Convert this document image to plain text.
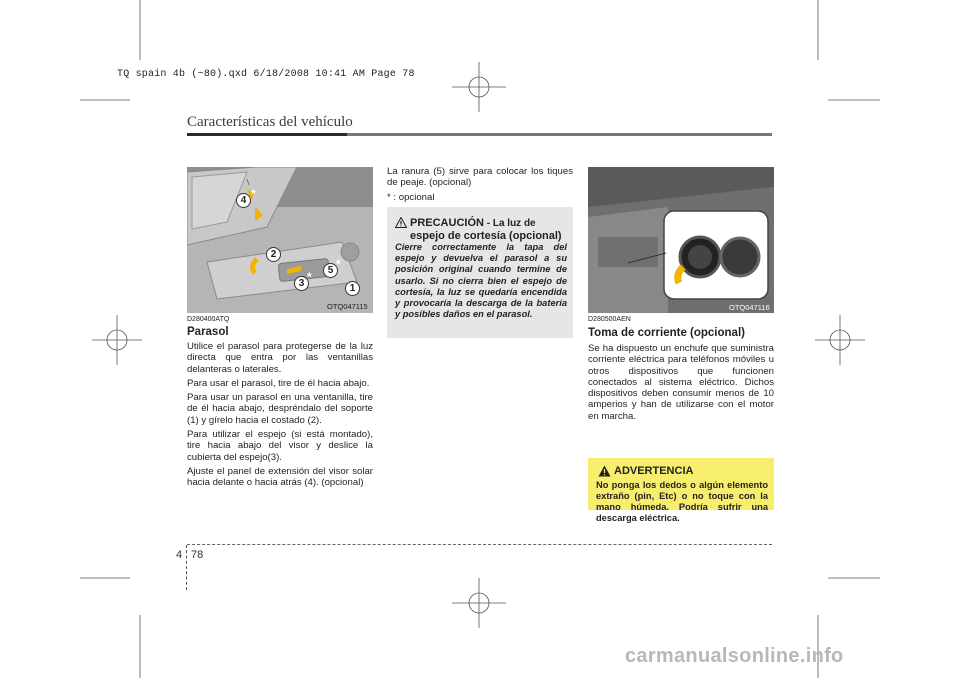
TQ spain 4b (~80).qxd 6/18/2008 10:41 AM Page 78
Características del vehículo
4
2
5
3	1
*
*
*
OTQ047115
D280400ATQ
Parasol

Utilice el parasol para protegerse de la luz directa que entra por las ventanillas delanteras o laterales.

Para usar el parasol, tire de él hacia abajo.

Para usar un parasol en una ventanilla, tire de él hacia abajo, despréndalo del soporte (1) y gírelo hacia el costado (2).

Para utilizar el espejo (si está montado), tire hacia abajo del visor y deslice la cubierta del espejo(3).

Ajuste el panel de extensión del visor solar hacia delante o hacia atrás (4). (opcional)

La ranura (5) sirve para colocar los tiques de peaje. (opcional)

* : opcional

PRECAUCIÓN - La luz de
espejo de cortesía (opcional)
Cierre correctamente la tapa del espejo y devuelva el parasol a su posición original cuando termine de usarlo. Si no cierra bien el espejo de cortesía, la luz se quedaría encendida y provocaría la descarga de la batería y posibles daños en el parasol.
OTQ047116
D280500AEN
Toma de corriente (opcional)

Se ha dispuesto un enchufe que suministra corriente eléctrica para teléfonos móviles u otros dispositivos que funcionen conectados al sistema eléctrico. Dichos dispositivos deben consumir menos de 10 amperios y han de utilizarse con el motor en marcha.

ADVERTENCIA
No ponga los dedos o algún elemento extraño (pin, Etc) o no toque con la mano húmeda. Podría sufrir una descarga eléctrica.
4 78
carmanualsonline.info
